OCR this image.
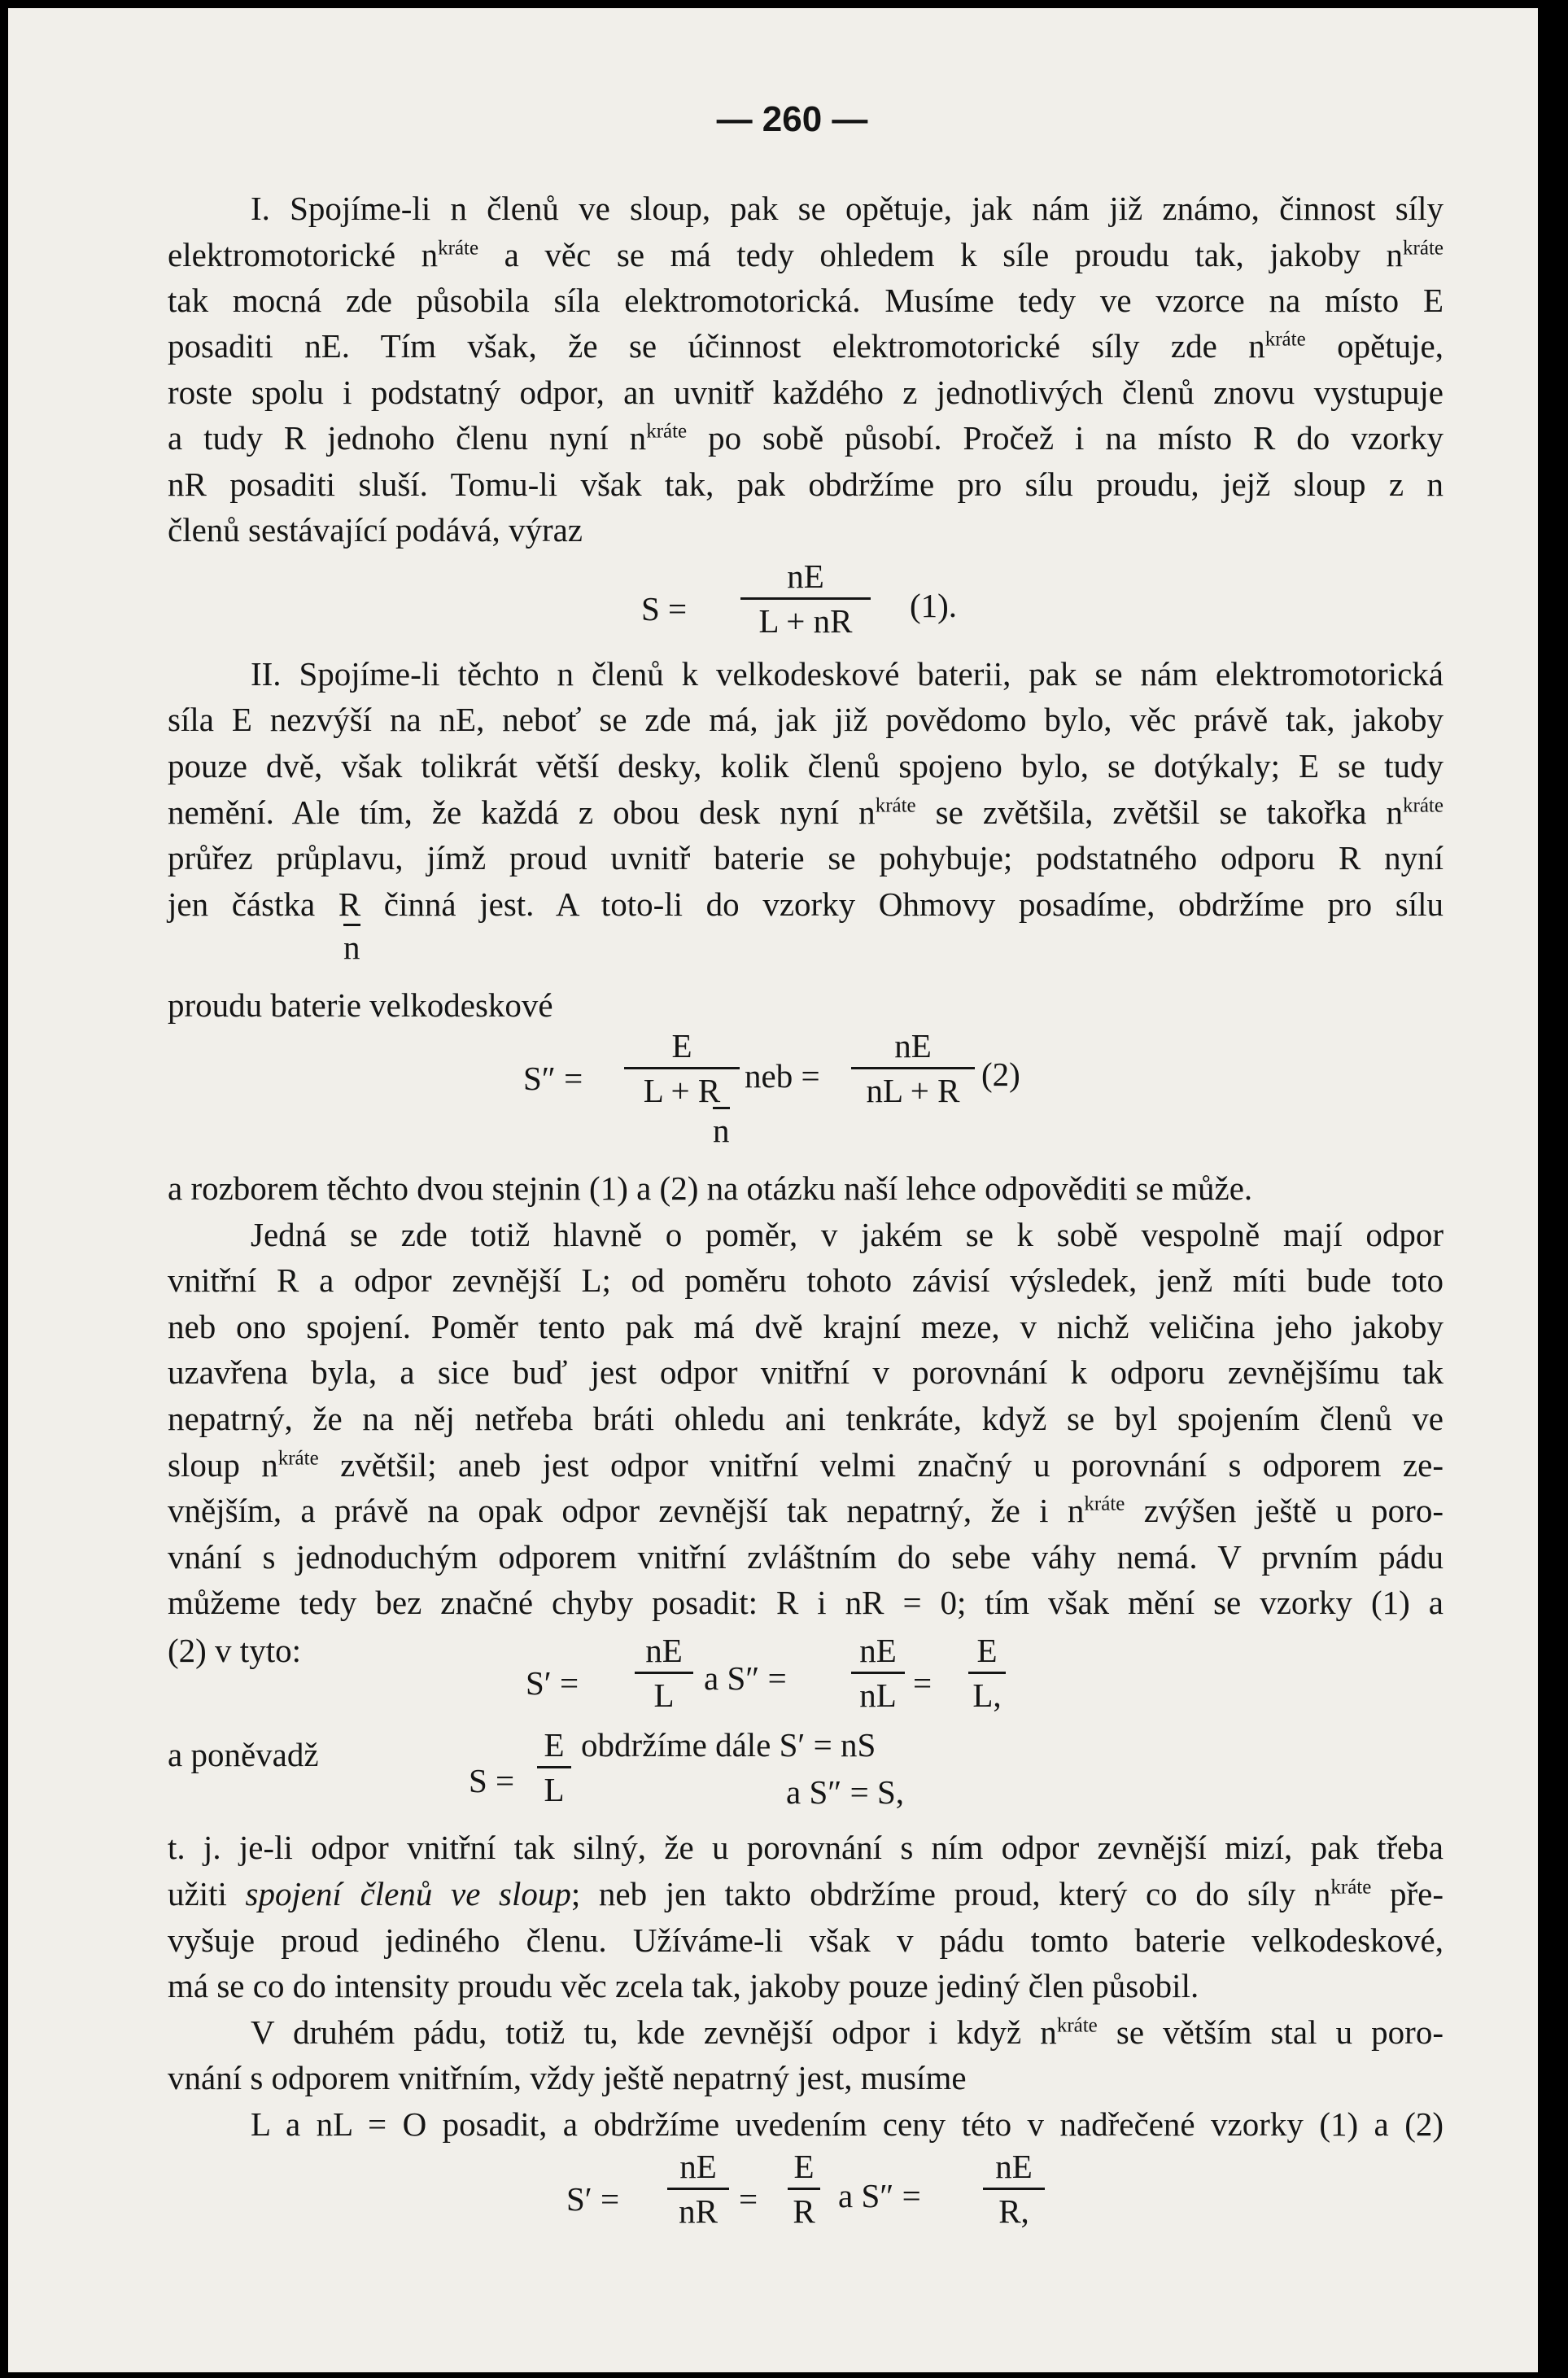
— 260 —
I. Spojíme-li n členů ve sloup, pak se opětuje, jak nám již známo, činnost síly
elektromotorické $n^{kráte}$ a věc se má tedy ohledem k síle proudu tak, jakoby $n^{kráte}$
tak mocná zde působila síla elektromotorická. Musíme tedy ve vzorce na místo E
posaditi nE. Tím však, že se účinnost elektromotorické síly zde $n^{kráte}$ opětuje,
roste spolu i podstatný odpor, an uvnitř každého z jednotlivých členů znovu vystupuje
a tudy R jednoho členu nyní $n^{kráte}$ po sobě působí. Pročež i na místo R do vzorky
nR posaditi sluší. Tomu-li však tak, pak obdržíme pro sílu proudu, jejž sloup z n
členů sestávající podává, výraz
S =
nE
L + nR	(1).
II. Spojíme-li těchto n členů k velkodeskové baterii, pak se nám elektromotorická
síla E nezvýší na nE, neboť se zde má, jak již povědomo bylo, věc právě tak, jakoby
pouze dvě, však tolikrát větší desky, kolik členů spojeno bylo, se dotýkaly; E se tudy
nemění. Ale tím, že každá z obou desk nyní $n^{kráte}$ se zvětšila, zvětšil se takořka $n^{kráte}$
průřez průplavu, jímž proud uvnitř baterie se pohybuje; podstatného odporu R nyní
jen částka R činná jest. A toto-li do vzorky Ohmovy posadíme, obdržíme pro sílu
n
proudu baterie velkodeskové
S″ =
E
L + R
n
neb =
nE
nL + R (2)
a rozborem těchto dvou stejnin (1) a (2) na otázku naší lehce odpověditi se může.
Jedná se zde totiž hlavně o poměr, v jakém se k sobě vespolně mají odpor
vnitřní R a odpor zevnější L; od poměru tohoto závisí výsledek, jenž míti bude toto
neb ono spojení. Poměr tento pak má dvě krajní meze, v nichž veličina jeho jakoby
uzavřena byla, a sice buď jest odpor vnitřní v porovnání k odporu zevnějšímu tak
nepatrný, že na něj netřeba bráti ohledu ani tenkráte, když se byl spojením členů ve
sloup $n^{kráte}$ zvětšil; aneb jest odpor vnitřní velmi značný u porovnání s odporem ze-
vnějším, a právě na opak odpor zevnější tak nepatrný, že i $n^{kráte}$ zvýšen ještě u poro-
vnání s jednoduchým odporem vnitřní zvláštním do sebe váhy nemá. V prvním pádu
můžeme tedy bez značné chyby posadit: R i nR = 0; tím však mění se vzorky (1) a
(2) v tyto:
S′ =
nE
L a S″ =
nE
nL =
E
L,
a poněvadž
S =
E
L
obdržíme dále S′ = nS
a S″ = S,
t. j. je-li odpor vnitřní tak silný, že u porovnání s ním odpor zevnější mizí, pak třeba
užiti spojení členů ve sloup; neb jen takto obdržíme proud, který co do síly $n^{kráte}$ pře-
vyšuje proud jediného členu. Užíváme-li však v pádu tomto baterie velkodeskové,
má se co do intensity proudu věc zcela tak, jakoby pouze jediný člen působil.
V druhém pádu, totiž tu, kde zevnější odpor i když $n^{kráte}$ se větším stal u poro-
vnání s odporem vnitřním, vždy ještě nepatrný jest, musíme
L a nL = O posadit, a obdržíme uvedením ceny této v nadřečené vzorky (1) a (2)
S′ =
nE
nR =
E
R a S″ =
nE
R,
